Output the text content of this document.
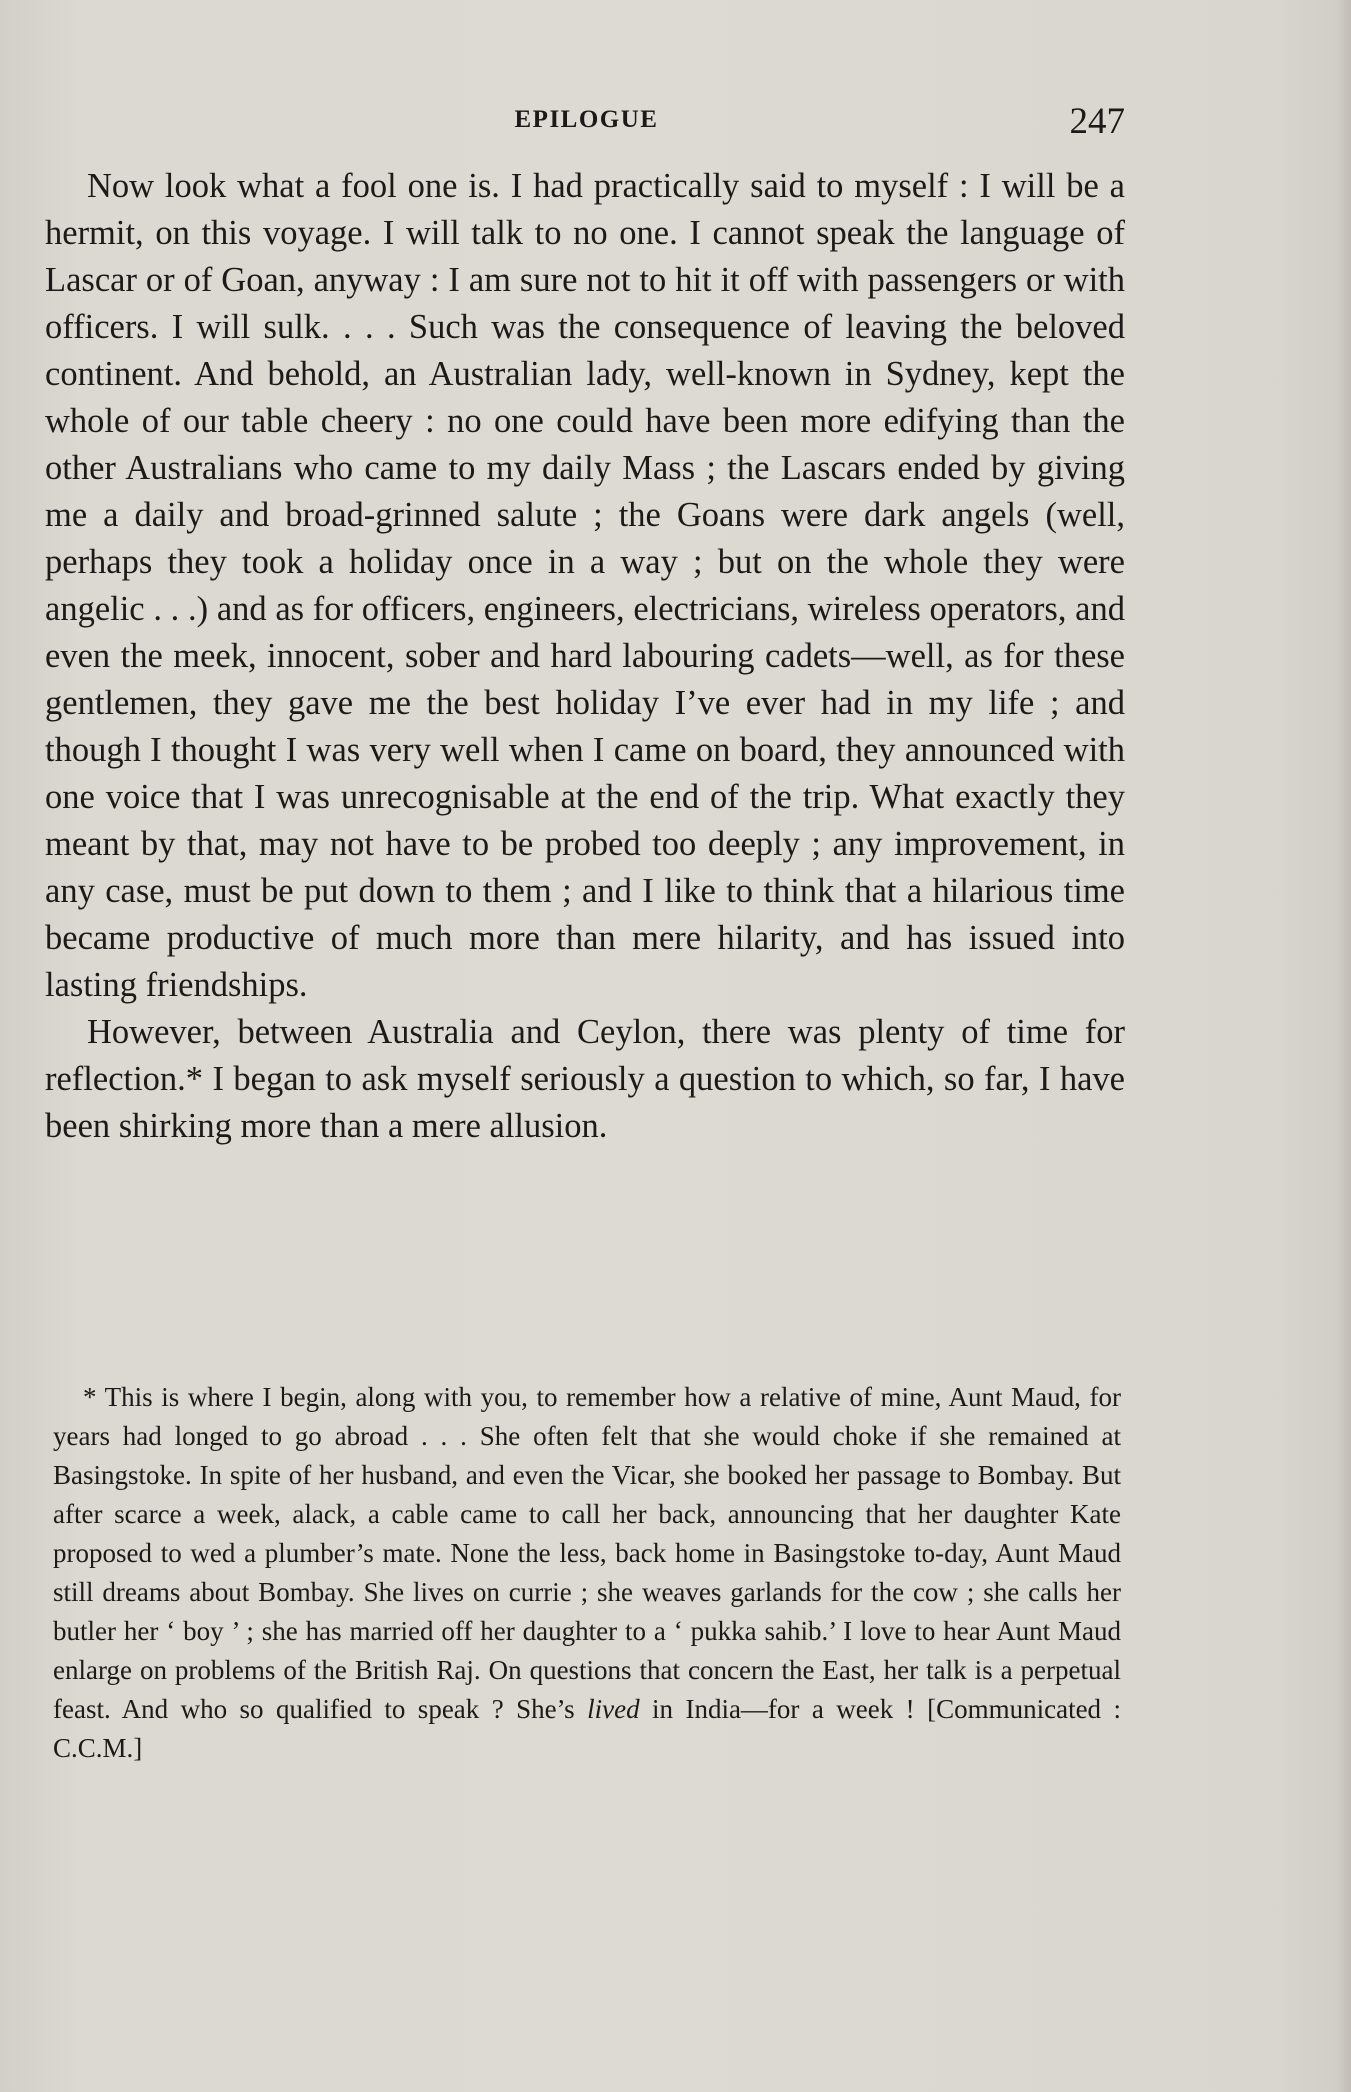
EPILOGUE	247

Now look what a fool one is. I had practically said to myself : I will be a hermit, on this voyage. I will talk to no one. I cannot speak the language of Lascar or of Goan, anyway : I am sure not to hit it off with passengers or with officers. I will sulk. . . . Such was the consequence of leaving the beloved continent. And behold, an Australian lady, well-known in Sydney, kept the whole of our table cheery : no one could have been more edifying than the other Australians who came to my daily Mass ; the Lascars ended by giving me a daily and broad-grinned salute ; the Goans were dark angels (well, perhaps they took a holiday once in a way ; but on the whole they were angelic . . .) and as for officers, engineers, electricians, wireless operators, and even the meek, innocent, sober and hard labouring cadets—well, as for these gentlemen, they gave me the best holiday I’ve ever had in my life ; and though I thought I was very well when I came on board, they announced with one voice that I was unrecognisable at the end of the trip. What exactly they meant by that, may not have to be probed too deeply ; any improvement, in any case, must be put down to them ; and I like to think that a hilarious time became productive of much more than mere hilarity, and has issued into lasting friendships.

However, between Australia and Ceylon, there was plenty of time for reflection.* I began to ask myself seriously a question to which, so far, I have been shirking more than a mere allusion.

* This is where I begin, along with you, to remember how a relative of mine, Aunt Maud, for years had longed to go abroad . . . She often felt that she would choke if she remained at Basingstoke. In spite of her husband, and even the Vicar, she booked her passage to Bombay. But after scarce a week, alack, a cable came to call her back, announcing that her daughter Kate proposed to wed a plumber’s mate. None the less, back home in Basingstoke to-day, Aunt Maud still dreams about Bombay. She lives on currie ; she weaves garlands for the cow ; she calls her butler her ‘ boy ’ ; she has married off her daughter to a ‘ pukka sahib.’ I love to hear Aunt Maud enlarge on problems of the British Raj. On questions that concern the East, her talk is a perpetual feast. And who so qualified to speak ? She’s lived in India—for a week ! [Communicated : C.C.M.]
